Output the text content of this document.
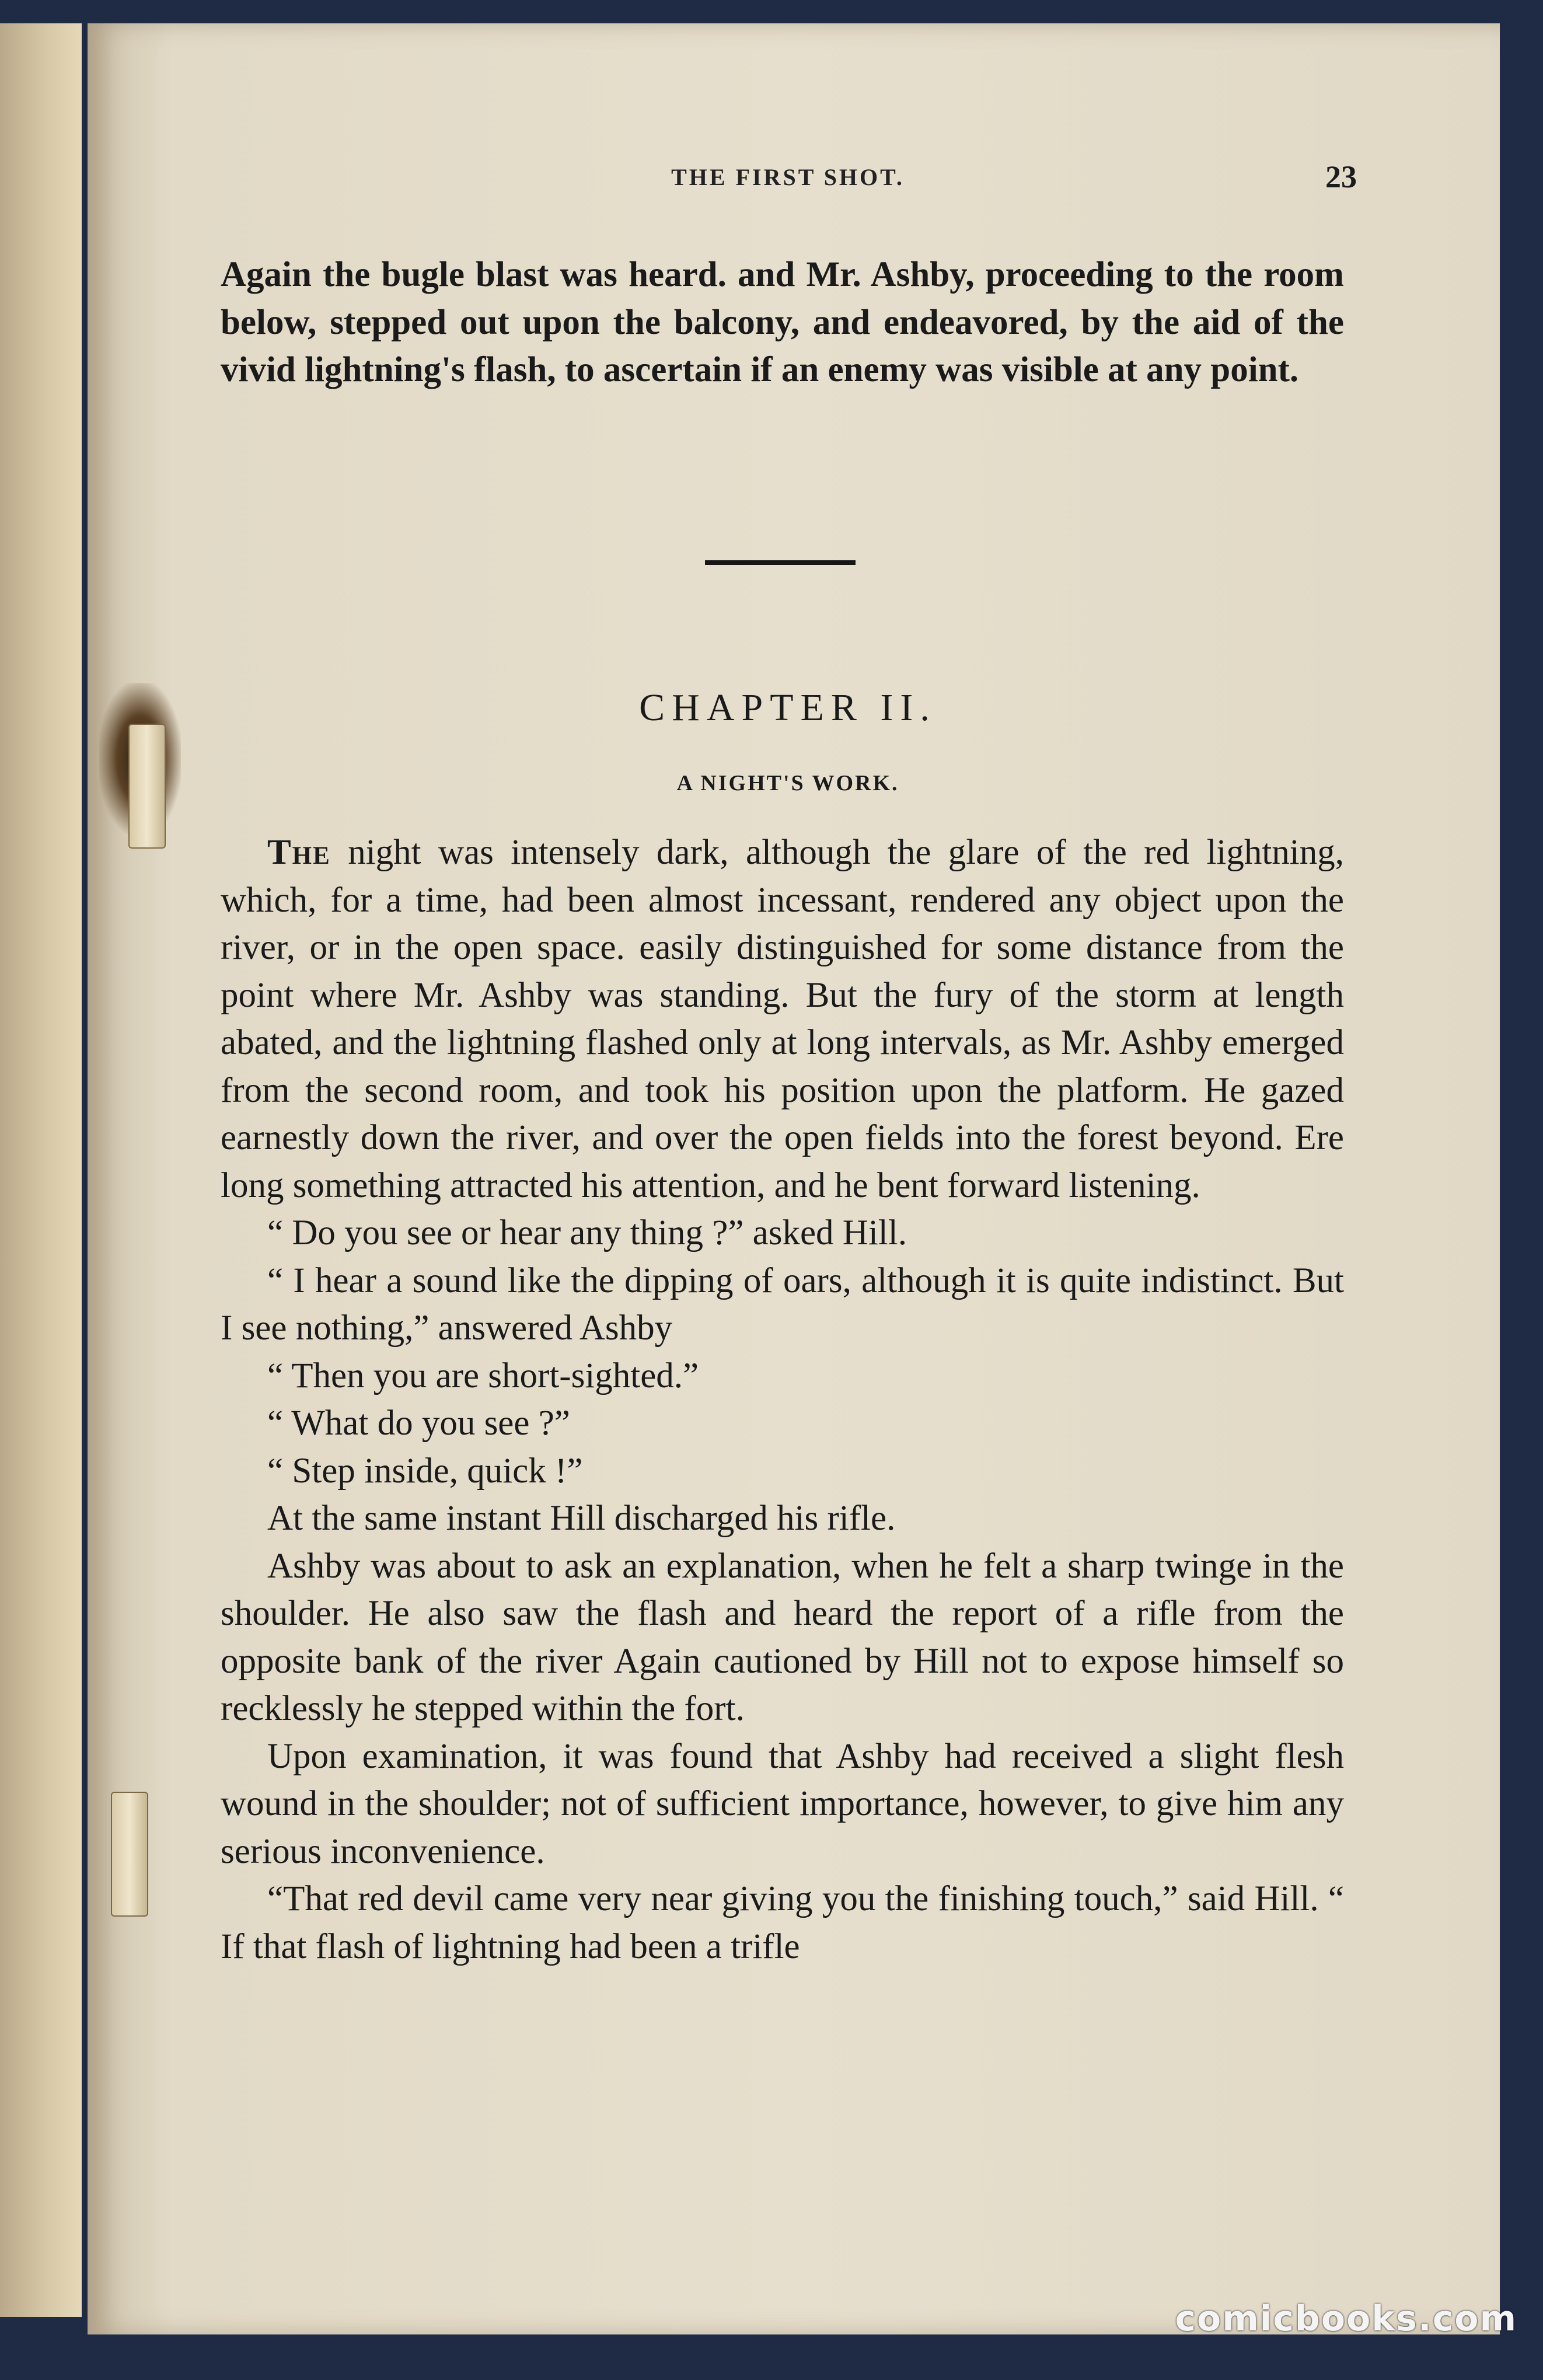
THE FIRST SHOT.	23
Again the bugle blast was heard. and Mr. Ashby, proceeding to the room below, stepped out upon the balcony, and endeavored, by the aid of the vivid lightning's flash, to ascertain if an enemy was visible at any point.
CHAPTER II.
A NIGHT'S WORK.

The night was intensely dark, although the glare of the red lightning, which, for a time, had been almost incessant, rendered any object upon the river, or in the open space. easily distinguished for some distance from the point where Mr. Ashby was standing. But the fury of the storm at length abated, and the lightning flashed only at long intervals, as Mr. Ashby emerged from the second room, and took his position upon the platform. He gazed earnestly down the river, and over the open fields into the forest beyond. Ere long something attracted his attention, and he bent forward listening.

“ Do you see or hear any thing ?” asked Hill.

“ I hear a sound like the dipping of oars, although it is quite indistinct. But I see nothing,” answered Ashby

“ Then you are short-sighted.”

“ What do you see ?”

“ Step inside, quick !”

At the same instant Hill discharged his rifle.

Ashby was about to ask an explanation, when he felt a sharp twinge in the shoulder. He also saw the flash and heard the report of a rifle from the opposite bank of the river Again cautioned by Hill not to expose himself so recklessly he stepped within the fort.

Upon examination, it was found that Ashby had received a slight flesh wound in the shoulder; not of sufficient importance, however, to give him any serious inconvenience.

“That red devil came very near giving you the finishing touch,” said Hill. “ If that flash of lightning had been a trifle

comicbooks.com
